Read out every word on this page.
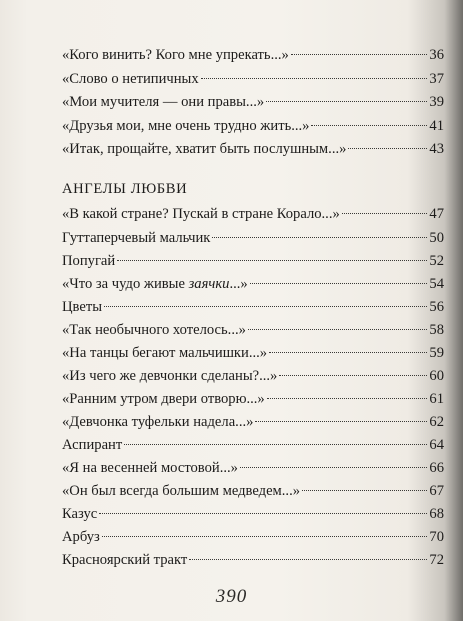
«Кого винить? Кого мне упрекать...»	36
«Слово о нетипичных	37
«Мои мучителя — они правы...»	39
«Друзья мои, мне очень трудно жить...»	41
«Итак, прощайте, хватит быть послушным...»	43
АНГЕЛЫ ЛЮБВИ
«В какой стране? Пускай в стране Корало...»	47
Гуттаперчевый мальчик	50
Попугай	52
«Что за чудо живые заячки...»	54
Цветы	56
«Так необычного хотелось...»	58
«На танцы бегают мальчишки...»	59
«Из чего же девчонки сделаны?...»	60
«Ранним утром двери отворю...»	61
«Девчонка туфельки надела...»	62
Аспирант	64
«Я на весенней мостовой...»	66
«Он был всегда большим медведем...»	67
Казус	68
Арбуз	70
Красноярский тракт	72
390
